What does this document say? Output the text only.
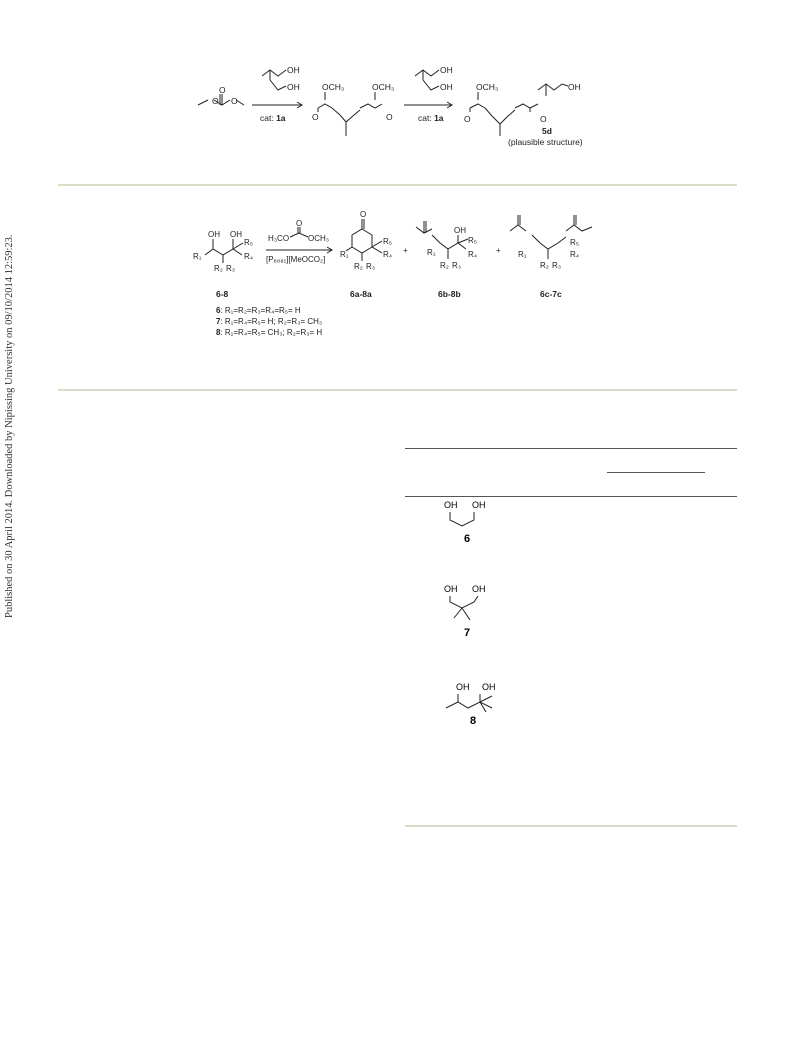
Published on 30 April 2014. Downloaded by Nipissing University on 09/10/2014 12:59:23.
O O
O
OH
OH
cat: 1a
OCH₃	OCH₃
O	O
OH
OH
cat: 1a
OCH₃	OH
O	O
5d
(plausible structure)
OH OH
R₁
R₂ R₃
R₄
R₅
O
H₃CO OCH₃
[P₈₈₈₁][MeOCO₂]
O
R₁
R₂ R₃
R₄
R₅
+
OH
R₁
R₂ R₃
R₄
R₅
+ R₁
R₂ R₃
R₄
R₅
6-8	6a-8a	6b-8b	6c-7c
6: R₁=R₂=R₃=R₄=R₅= H
7: R₁=R₄=R₅= H; R₂=R₃= CH₃
8: R₁=R₄=R₅= CH₃; R₂=R₃= H
OH OH
6
OH OH
7
OH OH
8
